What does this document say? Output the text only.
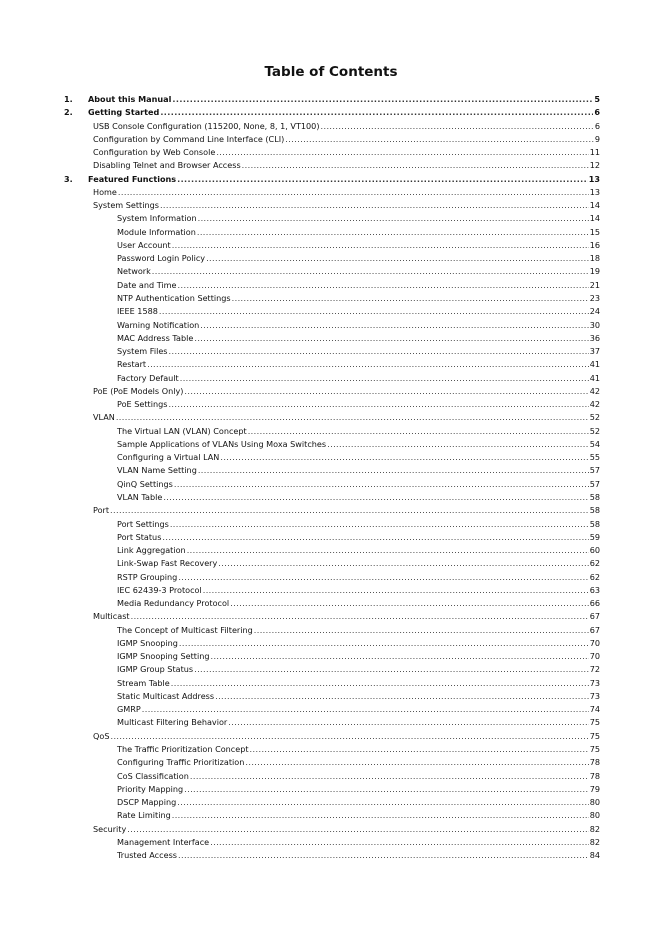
Table of Contents
1. About this Manual .....	5
2. Getting Started .....	6
USB Console Configuration (115200, None, 8, 1, VT100) .....	6
Configuration by Command Line Interface (CLI) .....	9
Configuration by Web Console .....	11
Disabling Telnet and Browser Access .....	12
3. Featured Functions .....	13
Home .....	13
System Settings .....	14
System Information .....	14
Module Information .....	15
User Account .....	16
Password Login Policy .....	18
Network .....	19
Date and Time .....	21
NTP Authentication Settings .....	23
IEEE 1588 .....	24
Warning Notification .....	30
MAC Address Table .....	36
System Files .....	37
Restart .....	41
Factory Default .....	41
PoE (PoE Models Only) .....	42
PoE Settings .....	42
VLAN .....	52
The Virtual LAN (VLAN) Concept .....	52
Sample Applications of VLANs Using Moxa Switches .....	54
Configuring a Virtual LAN .....	55
VLAN Name Setting .....	57
QinQ Settings .....	57
VLAN Table .....	58
Port .....	58
Port Settings .....	58
Port Status .....	59
Link Aggregation .....	60
Link-Swap Fast Recovery .....	62
RSTP Grouping .....	62
IEC 62439-3 Protocol .....	63
Media Redundancy Protocol .....	66
Multicast .....	67
The Concept of Multicast Filtering .....	67
IGMP Snooping .....	70
IGMP Snooping Setting .....	70
IGMP Group Status .....	72
Stream Table .....	73
Static Multicast Address .....	73
GMRP .....	74
Multicast Filtering Behavior .....	75
QoS .....	75
The Traffic Prioritization Concept .....	75
Configuring Traffic Prioritization .....	78
CoS Classification .....	78
Priority Mapping .....	79
DSCP Mapping .....	80
Rate Limiting .....	80
Security .....	82
Management Interface .....	82
Trusted Access .....	84
